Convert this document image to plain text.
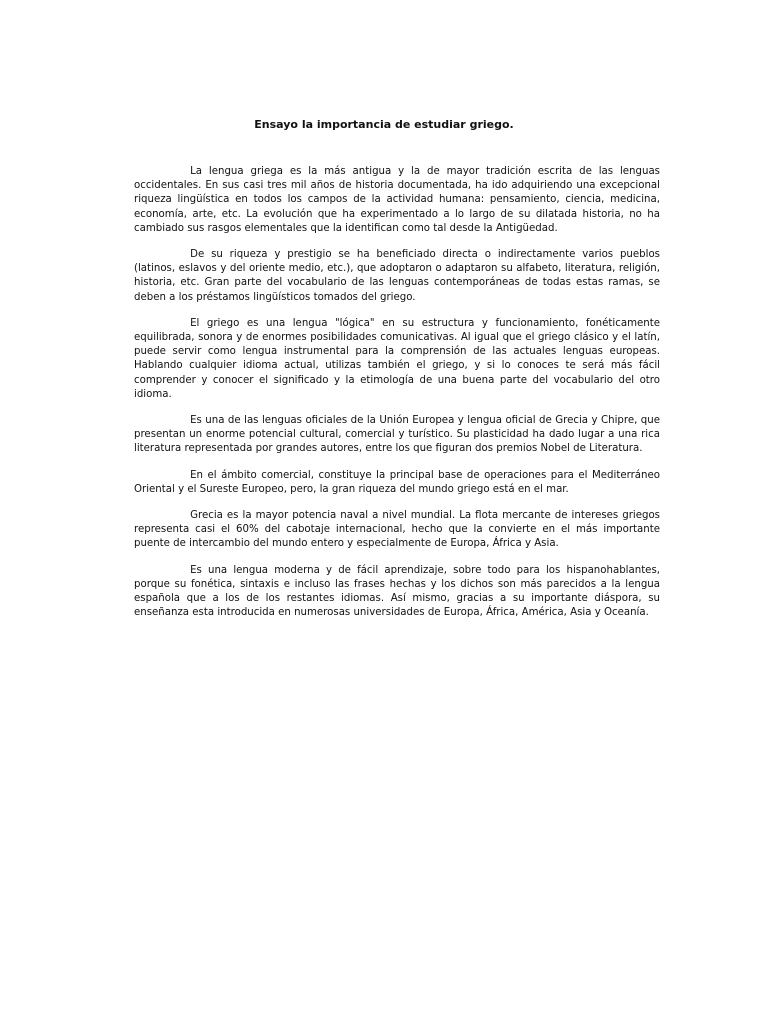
Ensayo la importancia de estudiar griego.

La lengua griega es la más antigua y la de mayor tradición escrita de las lenguas occidentales. En sus casi tres mil años de historia documentada, ha ido adquiriendo una excepcional riqueza lingüística en todos los campos de la actividad humana: pensamiento, ciencia, medicina, economía, arte, etc. La evolución que ha experimentado a lo largo de su dilatada historia, no ha cambiado sus rasgos elementales que la identifican como tal desde la Antigüedad.

De su riqueza y prestigio se ha beneficiado directa o indirectamente varios pueblos (latinos, eslavos y del oriente medio, etc.), que adoptaron o adaptaron su alfabeto, literatura, religión, historia, etc. Gran parte del vocabulario de las lenguas contemporáneas de todas estas ramas, se deben a los préstamos lingüísticos tomados del griego.

El griego es una lengua "lógica" en su estructura y funcionamiento, fonéticamente equilibrada, sonora y de enormes posibilidades comunicativas. Al igual que el griego clásico y el latín, puede servir como lengua instrumental para la comprensión de las actuales lenguas europeas. Hablando cualquier idioma actual, utilizas también el griego, y si lo conoces te será más fácil comprender y conocer el significado y la etimología de una buena parte del vocabulario del otro idioma.

Es una de las lenguas oficiales de la Unión Europea y lengua oficial de Grecia y Chipre, que presentan un enorme potencial cultural, comercial y turístico. Su plasticidad ha dado lugar a una rica literatura representada por grandes autores, entre los que figuran dos premios Nobel de Literatura.

En el ámbito comercial, constituye la principal base de operaciones para el Mediterráneo Oriental y el Sureste Europeo, pero, la gran riqueza del mundo griego está en el mar.

Grecia es la mayor potencia naval a nivel mundial. La flota mercante de intereses griegos representa casi el 60% del cabotaje internacional, hecho que la convierte en el más importante puente de intercambio del mundo entero y especialmente de Europa, África y Asia.

Es una lengua moderna y de fácil aprendizaje, sobre todo para los hispanohablantes, porque su fonética, sintaxis e incluso las frases hechas y los dichos son más parecidos a la lengua española que a los de los restantes idiomas. Así mismo, gracias a su importante diáspora, su enseñanza esta introducida en numerosas universidades de Europa, África, América, Asia y Oceanía.
